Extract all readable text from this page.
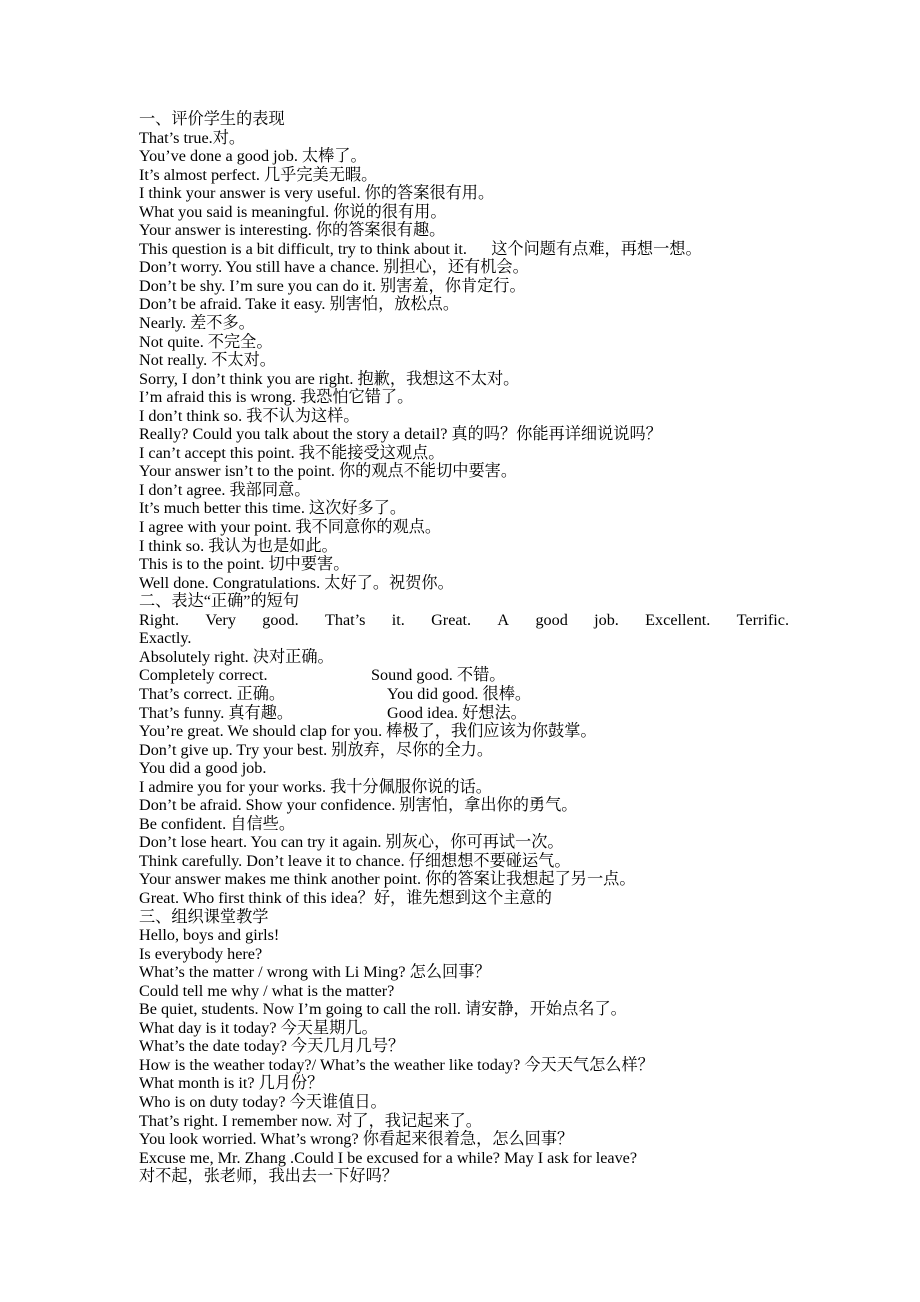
一、评价学生的表现
That’s true.对。
You’ve done a good job. 太棒了。
It’s almost perfect. 几乎完美无暇。
I think your answer is very useful. 你的答案很有用。
What you said is meaningful. 你说的很有用。
Your answer is interesting. 你的答案很有趣。
This question is a bit difficult, try to think about it.      这个问题有点难，再想一想。
Don’t worry. You still have a chance. 别担心，还有机会。
Don’t be shy. I’m sure you can do it. 别害羞，你肯定行。
Don’t be afraid. Take it easy. 别害怕，放松点。
Nearly. 差不多。
Not quite. 不完全。
Not really. 不太对。
Sorry, I don’t think you are right. 抱歉，我想这不太对。
I’m afraid this is wrong. 我恐怕它错了。
I don’t think so. 我不认为这样。
Really? Could you talk about the story a detail? 真的吗？你能再详细说说吗？
I can’t accept this point. 我不能接受这观点。
Your answer isn’t to the point. 你的观点不能切中要害。
I don’t agree. 我部同意。
It’s much better this time. 这次好多了。
I agree with your point. 我不同意你的观点。
I think so. 我认为也是如此。
This is to the point. 切中要害。
Well done. Congratulations. 太好了。祝贺你。
二、表达“正确”的短句
Right. Very good. That’s it. Great. A good job. Excellent. Terrific.
Exactly.
Absolutely right. 决对正确。
Completely correct.	Sound good. 不错。
That’s correct. 正确。	You did good. 很棒。
That’s funny. 真有趣。	Good idea. 好想法。
You’re great. We should clap for you. 棒极了，我们应该为你鼓掌。
Don’t give up. Try your best. 别放弃，尽你的全力。
You did a good job.
I admire you for your works. 我十分佩服你说的话。
Don’t be afraid. Show your confidence. 别害怕，拿出你的勇气。
Be confident. 自信些。
Don’t lose heart. You can try it again. 别灰心，你可再试一次。
Think carefully. Don’t leave it to chance. 仔细想想不要碰运气。
Your answer makes me think another point. 你的答案让我想起了另一点。
Great. Who first think of this idea？好，谁先想到这个主意的
三、组织课堂教学
Hello, boys and girls!
Is everybody here?
What’s the matter / wrong with Li Ming? 怎么回事？
Could tell me why / what is the matter?
Be quiet, students. Now I’m going to call the roll. 请安静，开始点名了。
What day is it today? 今天星期几。
What’s the date today? 今天几月几号？
How is the weather today?/ What’s the weather like today? 今天天气怎么样？
What month is it? 几月份？
Who is on duty today? 今天谁值日。
That’s right. I remember now. 对了，我记起来了。
You look worried. What’s wrong? 你看起来很着急，怎么回事？
Excuse me, Mr. Zhang .Could I be excused for a while? May I ask for leave?
对不起，张老师，我出去一下好吗？
